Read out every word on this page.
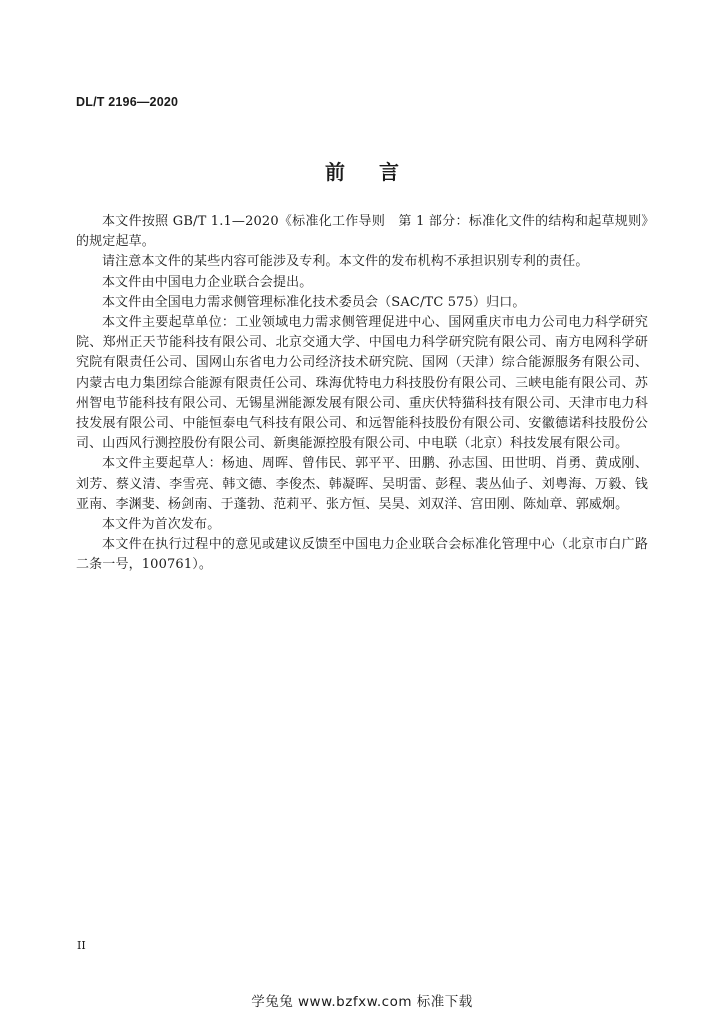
DL/T 2196—2020
前言

本文件按照 GB/T 1.1—2020《标准化工作导则　第 1 部分：标准化文件的结构和起草规则》的规定起草。

请注意本文件的某些内容可能涉及专利。本文件的发布机构不承担识别专利的责任。

本文件由中国电力企业联合会提出。

本文件由全国电力需求侧管理标准化技术委员会（SAC/TC 575）归口。

本文件主要起草单位：工业领域电力需求侧管理促进中心、国网重庆市电力公司电力科学研究院、郑州正天节能科技有限公司、北京交通大学、中国电力科学研究院有限公司、南方电网科学研究院有限责任公司、国网山东省电力公司经济技术研究院、国网（天津）综合能源服务有限公司、内蒙古电力集团综合能源有限责任公司、珠海优特电力科技股份有限公司、三峡电能有限公司、苏州智电节能科技有限公司、无锡星洲能源发展有限公司、重庆伏特猫科技有限公司、天津市电力科技发展有限公司、中能恒泰电气科技有限公司、和远智能科技股份有限公司、安徽德诺科技股份公司、山西风行测控股份有限公司、新奥能源控股有限公司、中电联（北京）科技发展有限公司。

本文件主要起草人：杨迪、周晖、曾伟民、郭平平、田鹏、孙志国、田世明、肖勇、黄成刚、刘芳、蔡义清、李雪亮、韩文德、李俊杰、韩凝晖、吴明雷、彭程、裴丛仙子、刘粤海、万毅、钱亚南、李渊斐、杨剑南、于蓬勃、范莉平、张方恒、吴昊、刘双洋、宫田刚、陈灿章、郭威炯。

本文件为首次发布。

本文件在执行过程中的意见或建议反馈至中国电力企业联合会标准化管理中心（北京市白广路二条一号，100761）。

II
学兔兔 www.bzfxw.com 标准下载
